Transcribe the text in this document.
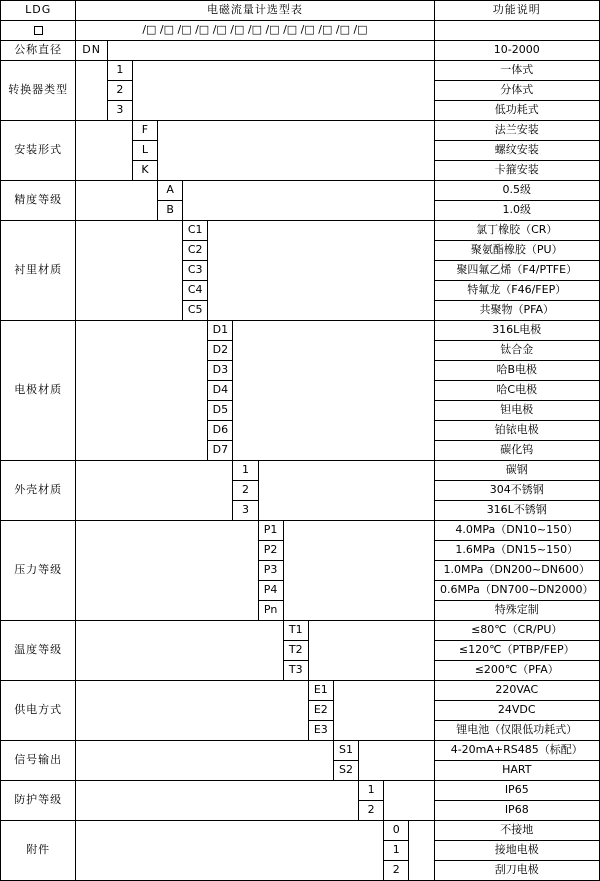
LDG	电磁流量计选型表														功能说明
	/□ /□ /□ /□ /□ /□ /□ /□ /□ /□ /□ /□ /□														
公称直径	DN														10-2000
转换器类型		1													一体式
		2													分体式
		3													低功耗式
安装形式			F												法兰安装
			L												螺纹安装
			K												卡箍安装
精度等级				A											0.5级
				B											1.0级
衬里材质					C1										氯丁橡胶（CR）
					C2										聚氨酯橡胶（PU）
					C3										聚四氟乙烯（F4/PTFE）
					C4										特氟龙（F46/FEP）
					C5										共聚物（PFA）
电极材质						D1									316L电极
						D2									钛合金
						D3									哈B电极
						D4									哈C电极
						D5									钽电极
						D6									铂铱电极
						D7									碳化钨
外壳材质							1								碳钢
							2								304不锈钢
							3								316L不锈钢
压力等级								P1							4.0MPa（DN10~150）
								P2							1.6MPa（DN15~150）
								P3							1.0MPa（DN200~DN600）
								P4							0.6MPa（DN700~DN2000）
								Pn							特殊定制
温度等级									T1						≤80℃（CR/PU）
									T2						≤120℃（PTBP/FEP）
									T3						≤200℃（PFA）
供电方式										E1					220VAC
										E2					24VDC
										E3					锂电池（仅限低功耗式）
信号输出											S1				4-20mA+RS485（标配）
											S2				HART
防护等级												1			IP65
												2			IP68
附件													0		不接地
													1		接地电极
													2		刮刀电极
